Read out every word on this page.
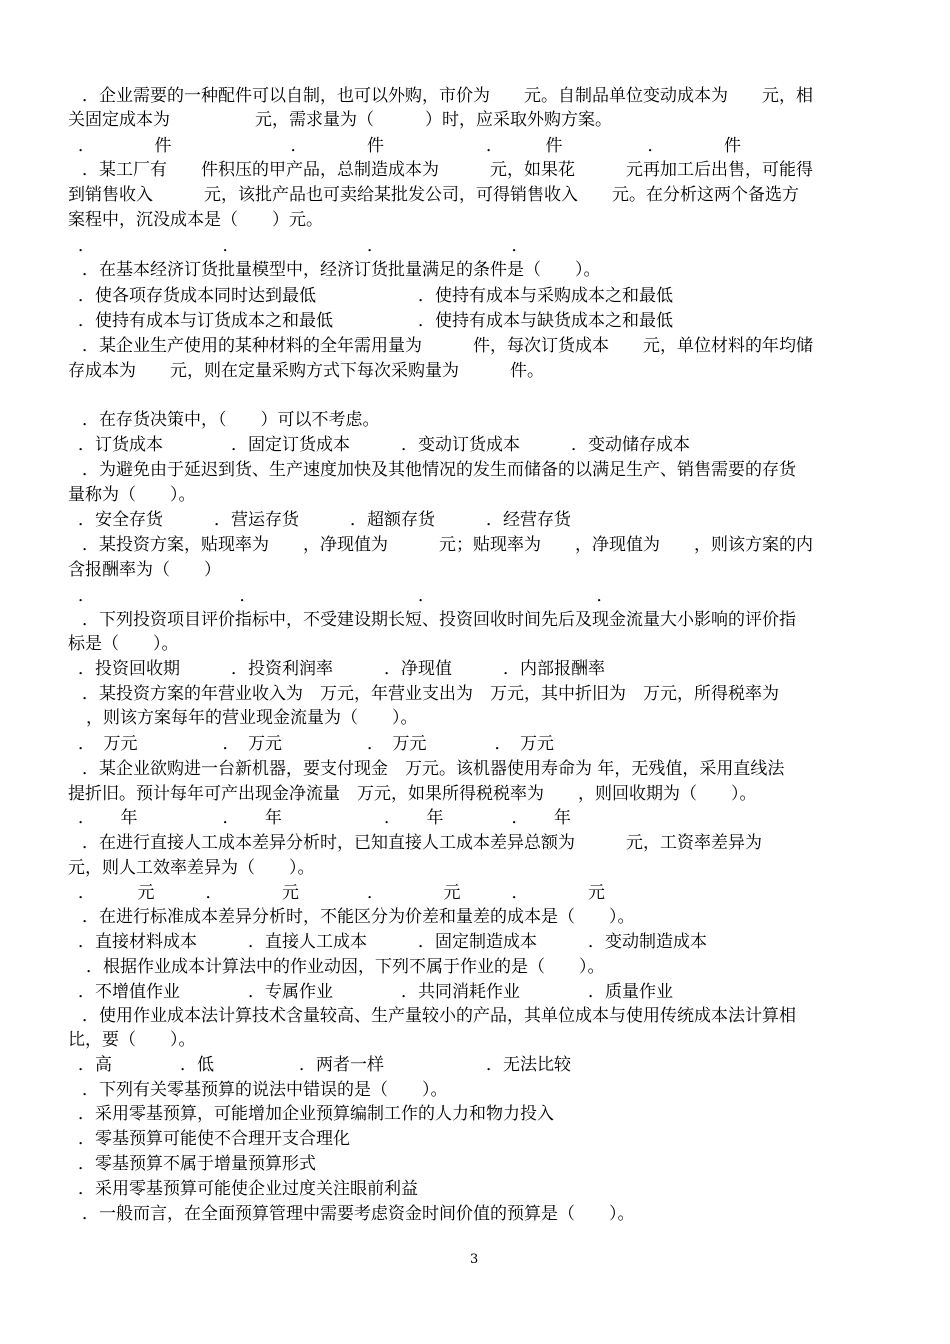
．企业需要的一种配件可以自制，也可以外购，市价为　　元。自制品单位变动成本为　　元，相
关固定成本为　　　　　元，需求量为（　　　）时，应采取外购方案。
．　　　　件　　　　　　　．　　　　件　　　　　　．　　　件　　　　　．　　　　件
．某工厂有　　件积压的甲产品，总制造成本为　　　元，如果花　　　元再加工后出售，可能得
到销售收入　　　元，该批产品也可卖给某批发公司，可得销售收入　　元。在分析这两个备选方
案程中，沉没成本是（　　）元。
．　　　　　　　　．　　　　　　　　．　　　　　　　　．
．在基本经济订货批量模型中，经济订货批量满足的条件是（　　）。
．使各项存货成本同时达到最低　　　　　　．使持有成本与采购成本之和最低
．使持有成本与订货成本之和最低　　　　　．使持有成本与缺货成本之和最低
．某企业生产使用的某种材料的全年需用量为　　　件，每次订货成本　　元，单位材料的年均储
存成本为　　元，则在定量采购方式下每次采购量为　　　件。
．在存货决策中，（　　）可以不考虑。
．订货成本　　　　．固定订货成本　　　．变动订货成本　　　．变动储存成本
．为避免由于延迟到货、生产速度加快及其他情况的发生而储备的以满足生产、销售需要的存货
量称为（　　）。
．安全存货　　　．营运存货　　　．超额存货　　　．经营存货
．某投资方案，贴现率为　　，净现值为　　　元；贴现率为　　，净现值为　　，则该方案的内
含报酬率为（　　）
．　　　　　　　　　．　　　　　　　　　　．　　　　　　　　　　．
．下列投资项目评价指标中，不受建设期长短、投资回收时间先后及现金流量大小影响的评价指
标是（　　）。
．投资回收期　　　．投资利润率　　　．净现值　　　．内部报酬率
．某投资方案的年营业收入为　万元，年营业支出为　万元，其中折旧为　万元，所得税率为
，则该方案每年的营业现金流量为（　　）。
．　万元　　　　　．　万元　　　　　．　万元　　　　．　万元
．某企业欲购进一台新机器，要支付现金　万元。该机器使用寿命为 年，无残值，采用直线法
提折旧。预计每年可产出现金净流量　万元，如果所得税税率为　　，则回收期为（　　）。
．　　年　　　　　．　　年　　　　　　．　　年　　　　．　　年
．在进行直接人工成本差异分析时，已知直接人工成本差异总额为　　　元，工资率差异为
元，则人工效率差异为（　　）。
．　　　元　　　．　　　　元　　　　．　　　　元　　　．　　　　元
．在进行标准成本差异分析时，不能区分为价差和量差的成本是（　　）。
．直接材料成本　　　．直接人工成本　　　．固定制造成本　　　．变动制造成本
．根据作业成本计算法中的作业动因，下列不属于作业的是（　　）。
．不增值作业　　　　．专属作业　　　　．共同消耗作业　　　　．质量作业
．使用作业成本法计算技术含量较高、生产量较小的产品，其单位成本与使用传统成本法计算相
比，要（　　）。
．高　　　　．低　　　　　．两者一样　　　　　　．无法比较
．下列有关零基预算的说法中错误的是（　　）。
．采用零基预算，可能增加企业预算编制工作的人力和物力投入
．零基预算可能使不合理开支合理化
．零基预算不属于增量预算形式
．采用零基预算可能使企业过度关注眼前利益
．一般而言，在全面预算管理中需要考虑资金时间价值的预算是（　　）。
3
